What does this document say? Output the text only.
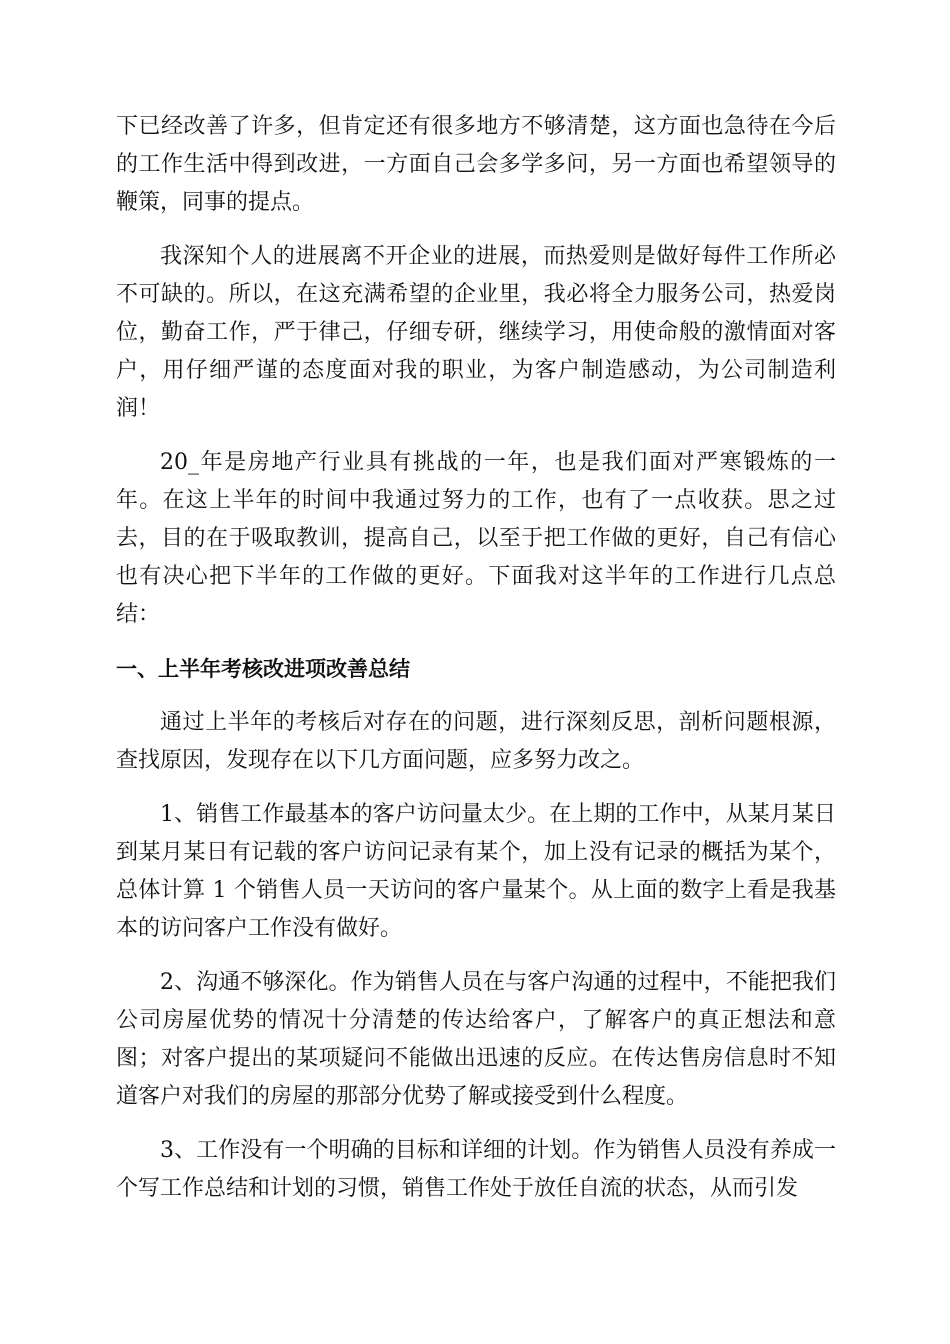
下已经改善了许多，但肯定还有很多地方不够清楚，这方面也急待在今后的工作生活中得到改进，一方面自己会多学多问，另一方面也希望领导的鞭策，同事的提点。

我深知个人的进展离不开企业的进展，而热爱则是做好每件工作所必不可缺的。所以，在这充满希望的企业里，我必将全力服务公司，热爱岗位，勤奋工作，严于律己，仔细专研，继续学习，用使命般的激情面对客户，用仔细严谨的态度面对我的职业，为客户制造感动，为公司制造利润！

20_年是房地产行业具有挑战的一年，也是我们面对严寒锻炼的一年。在这上半年的时间中我通过努力的工作，也有了一点收获。思之过去，目的在于吸取教训，提高自己，以至于把工作做的更好，自己有信心也有决心把下半年的工作做的更好。下面我对这半年的工作进行几点总结：

一、上半年考核改进项改善总结

通过上半年的考核后对存在的问题，进行深刻反思，剖析问题根源，查找原因，发现存在以下几方面问题，应多努力改之。

1、销售工作最基本的客户访问量太少。在上期的工作中，从某月某日到某月某日有记载的客户访问记录有某个，加上没有记录的概括为某个，总体计算 1 个销售人员一天访问的客户量某个。从上面的数字上看是我基本的访问客户工作没有做好。

2、沟通不够深化。作为销售人员在与客户沟通的过程中，不能把我们公司房屋优势的情况十分清楚的传达给客户，了解客户的真正想法和意图；对客户提出的某项疑问不能做出迅速的反应。在传达售房信息时不知道客户对我们的房屋的那部分优势了解或接受到什么程度。

3、工作没有一个明确的目标和详细的计划。作为销售人员没有养成一个写工作总结和计划的习惯，销售工作处于放任自流的状态，从而引发
